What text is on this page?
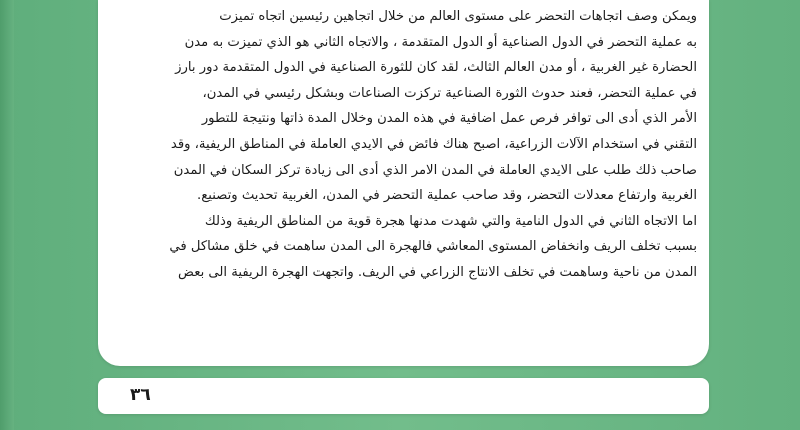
ويمكن وصف اتجاهات التحضر على مستوى العالم من خلال اتجاهين رئيسين اتجاه تميزت
به عملية التحضر في الدول الصناعية أو الدول المتقدمة ، والاتجاه الثاني هو الذي تميزت به مدن
الحضارة غير الغربية ، أو مدن العالم الثالث، لقد كان للثورة الصناعية في الدول المتقدمة دور بارز
في عملية التحضر، فعند حدوث الثورة الصناعية تركزت الصناعات وبشكل رئيسي في المدن،
الأمر الذي أدى الى توافر فرص عمل اضافية في هذه المدن وخلال المدة ذاتها ونتيجة للتطور
التقني في استخدام الآلات الزراعية، اصبح هناك فائض في الايدي العاملة في المناطق الريفية، وقد
صاحب ذلك طلب على الايدي العاملة في المدن الامر الذي أدى الى زيادة تركز السكان في المدن
الغربية وارتفاع معدلات التحضر، وقد صاحب عملية التحضر في المدن، الغربية تحديث وتصنيع.
اما الاتجاه الثاني في الدول النامية والتي شهدت مدنها هجرة قوية من المناطق الريفية وذلك
بسبب تخلف الريف وانخفاض المستوى المعاشي فالهجرة الى المدن ساهمت في خلق مشاكل في
المدن من ناحية وساهمت في تخلف الانتاج الزراعي في الريف. واتجهت الهجرة الريفية الى بعض
٣٦
